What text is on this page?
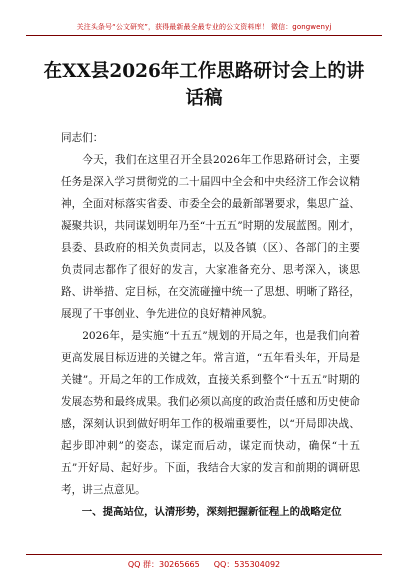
关注头条号“公文研究”，获得最新最全最专业的公文资料库！ 微信：gongwenyj
在XX县2026年工作思路研讨会上的讲话稿

同志们：

今天，我们在这里召开全县2026年工作思路研讨会，主要任务是深入学习贯彻党的二十届四中全会和中央经济工作会议精神，全面对标落实省委、市委全会的最新部署要求，集思广益、凝聚共识，共同谋划明年乃至“十五五”时期的发展蓝图。刚才，县委、县政府的相关负责同志，以及各镇（区）、各部门的主要负责同志都作了很好的发言，大家准备充分、思考深入，谈思路、讲举措、定目标，在交流碰撞中统一了思想、明晰了路径，展现了干事创业、争先进位的良好精神风貌。

2026年，是实施“十五五”规划的开局之年，也是我们向着更高发展目标迈进的关键之年。常言道，“五年看头年，开局是关键”。开局之年的工作成效，直接关系到整个“十五五”时期的发展态势和最终成果。我们必须以高度的政治责任感和历史使命感，深刻认识到做好明年工作的极端重要性，以“开局即决战、起步即冲刺”的姿态，谋定而后动，谋定而快动，确保“十五五”开好局、起好步。下面，我结合大家的发言和前期的调研思考，讲三点意见。

一、提高站位，认清形势，深刻把握新征程上的战略定位

QQ 群：30265665 QQ：535304092
